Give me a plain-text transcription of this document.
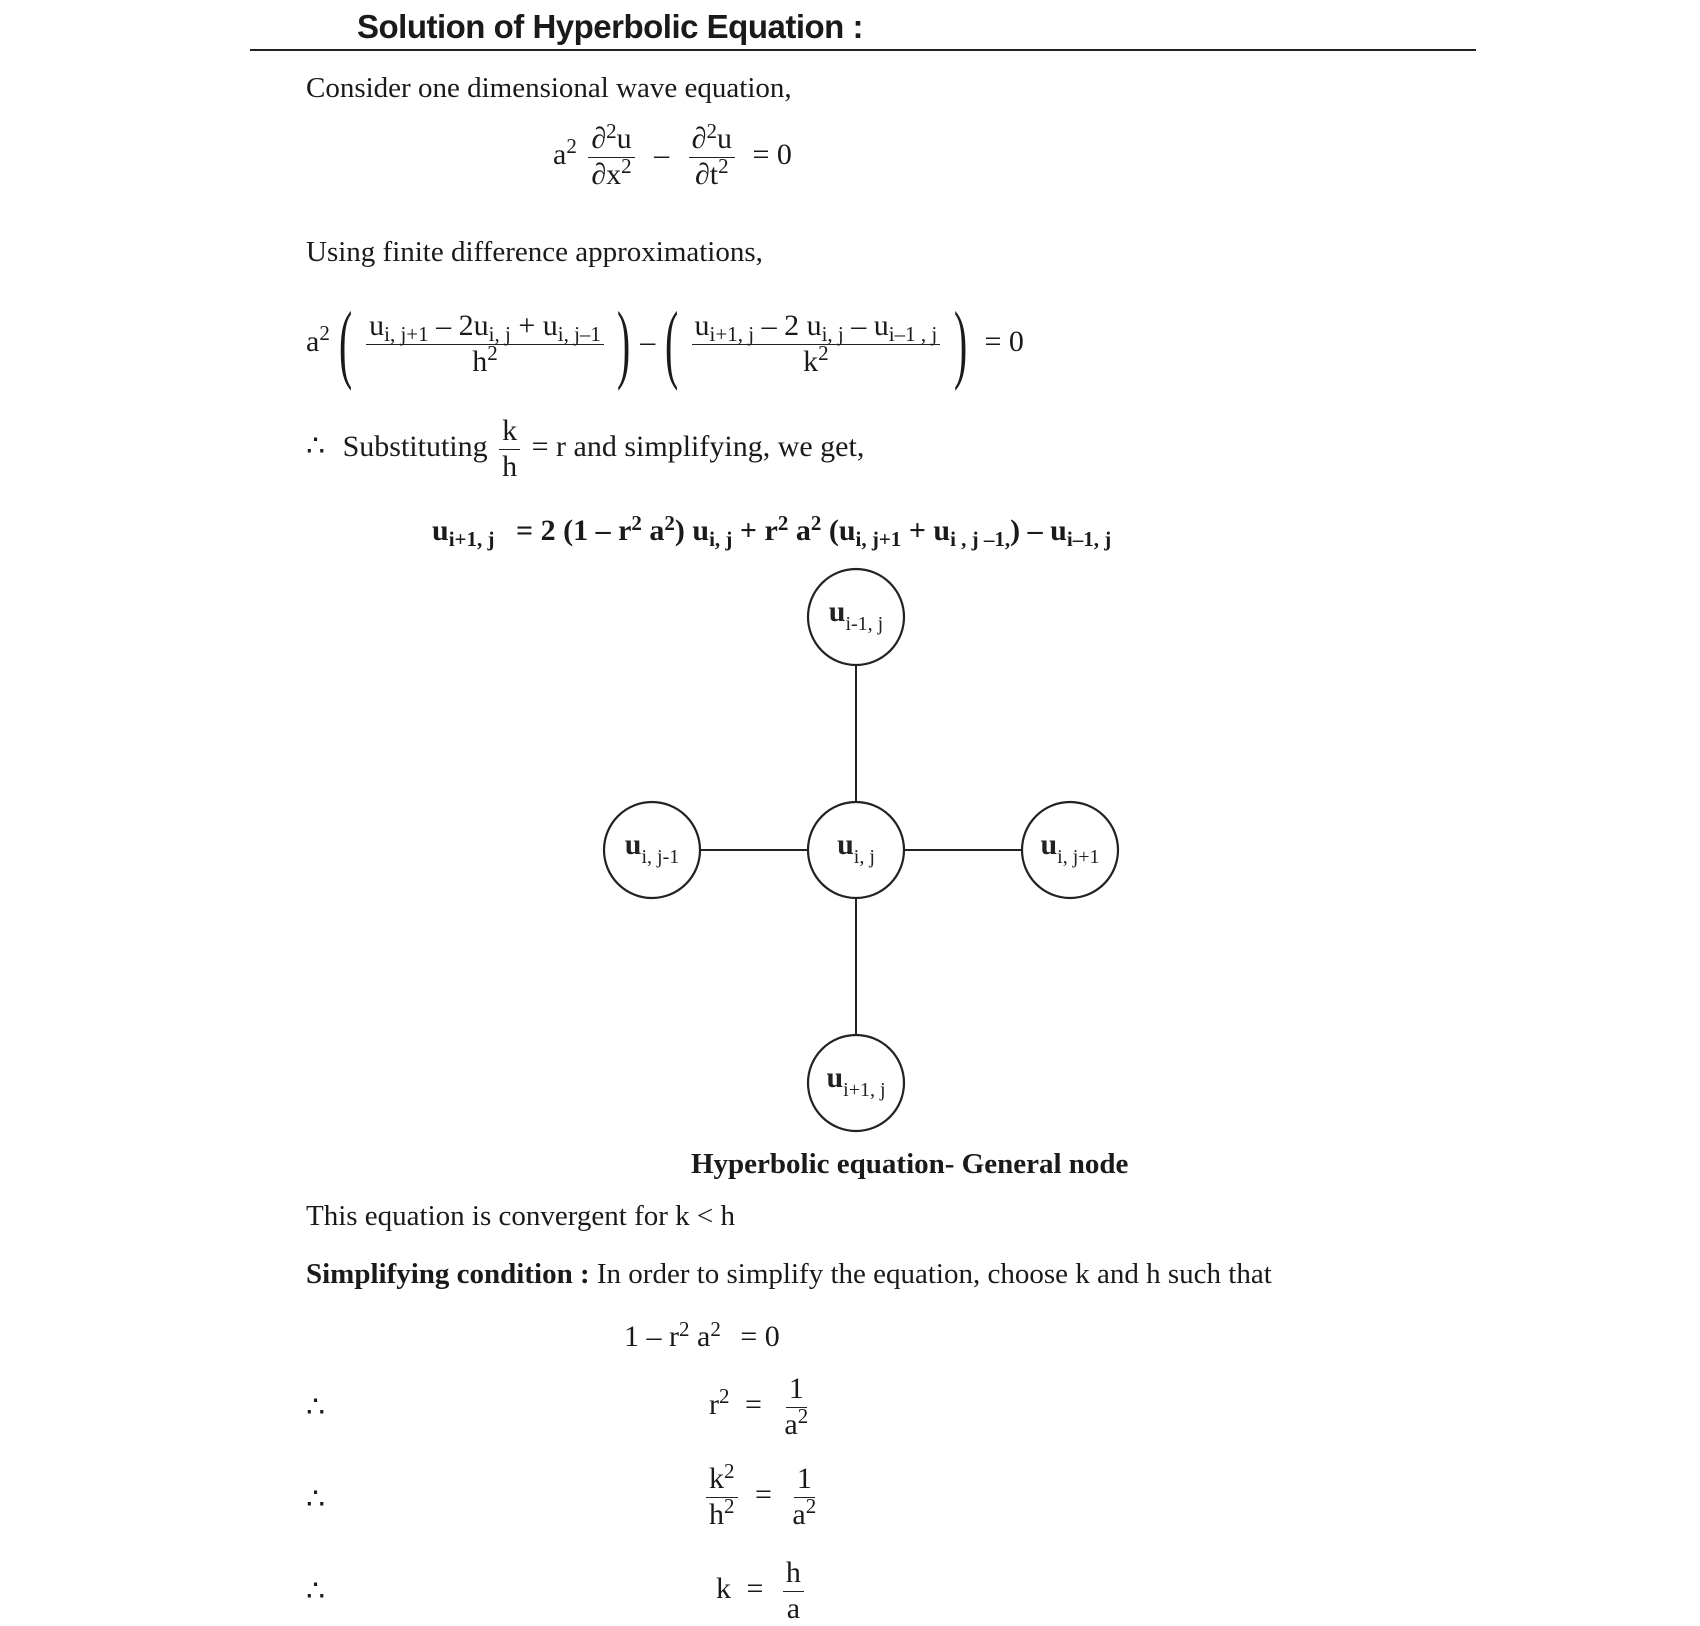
Solution of Hyperbolic Equation :
Consider one dimensional wave equation,
$a^2 \frac{\partial^2u}{\partial x^2} - \frac{\partial^2u}{\partial t^2} = 0$
Using finite difference approximations,
$a^2$ ( $\frac{u_{i, j+1} - 2u_{i, j} + u_{i, j-1}}{h^2}$ ) – ( $\frac{u_{i+1, j} - 2 u_{i, j} - u_{i-1 , j}}{k^2}$ ) = 0
∴ Substituting $\frac{k}{h} = r$ and simplifying, we get,
$u_{i+1, j} = 2$ ($1 - r^2$ $a^2$) $u_{i, j} + r^2$ $a^2$ $(u_{i, j+1} + u_{i , j -1,}) - u_{i-1, j}$
$u_{i-1, j}$
$u_{i, j-1}$	$u_{i, j}$	$u_{i, j+1}$
$u_{i+1, j}$
Hyperbolic equation- General node
This equation is convergent for k < h
Simplifying condition : In order to simplify the equation, choose k and h such that
$1 - r^2$ $a^2 = 0$
∴	$r^2 = \frac{1}{a^2}$
∴	$\frac{k^2}{h^2} = \frac{1}{a^2}$
∴	$k = \frac{h}{a}$
